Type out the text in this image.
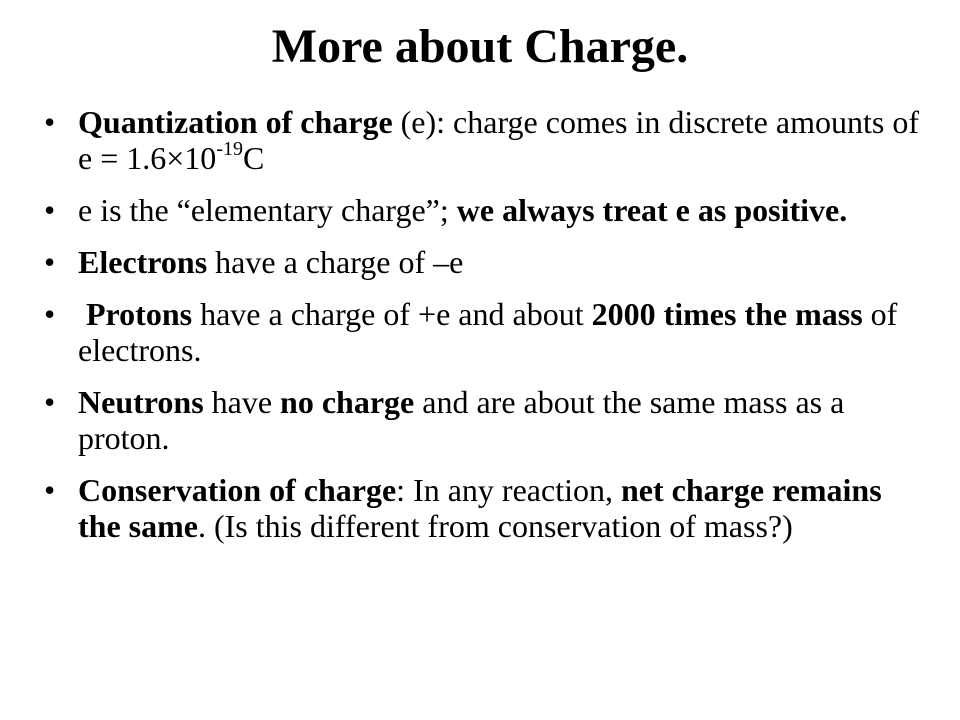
More about Charge.
• Quantization of charge (e): charge comes in discrete amounts of $e = 1.6\times 10^{-19}C$
• e is the “elementary charge”; we always treat e as positive.
• Electrons have a charge of –e
• Protons have a charge of +e and about 2000 times the mass of electrons.
• Neutrons have no charge and are about the same mass as a proton.
• Conservation of charge: In any reaction, net charge remains the same. (Is this different from conservation of mass?)
